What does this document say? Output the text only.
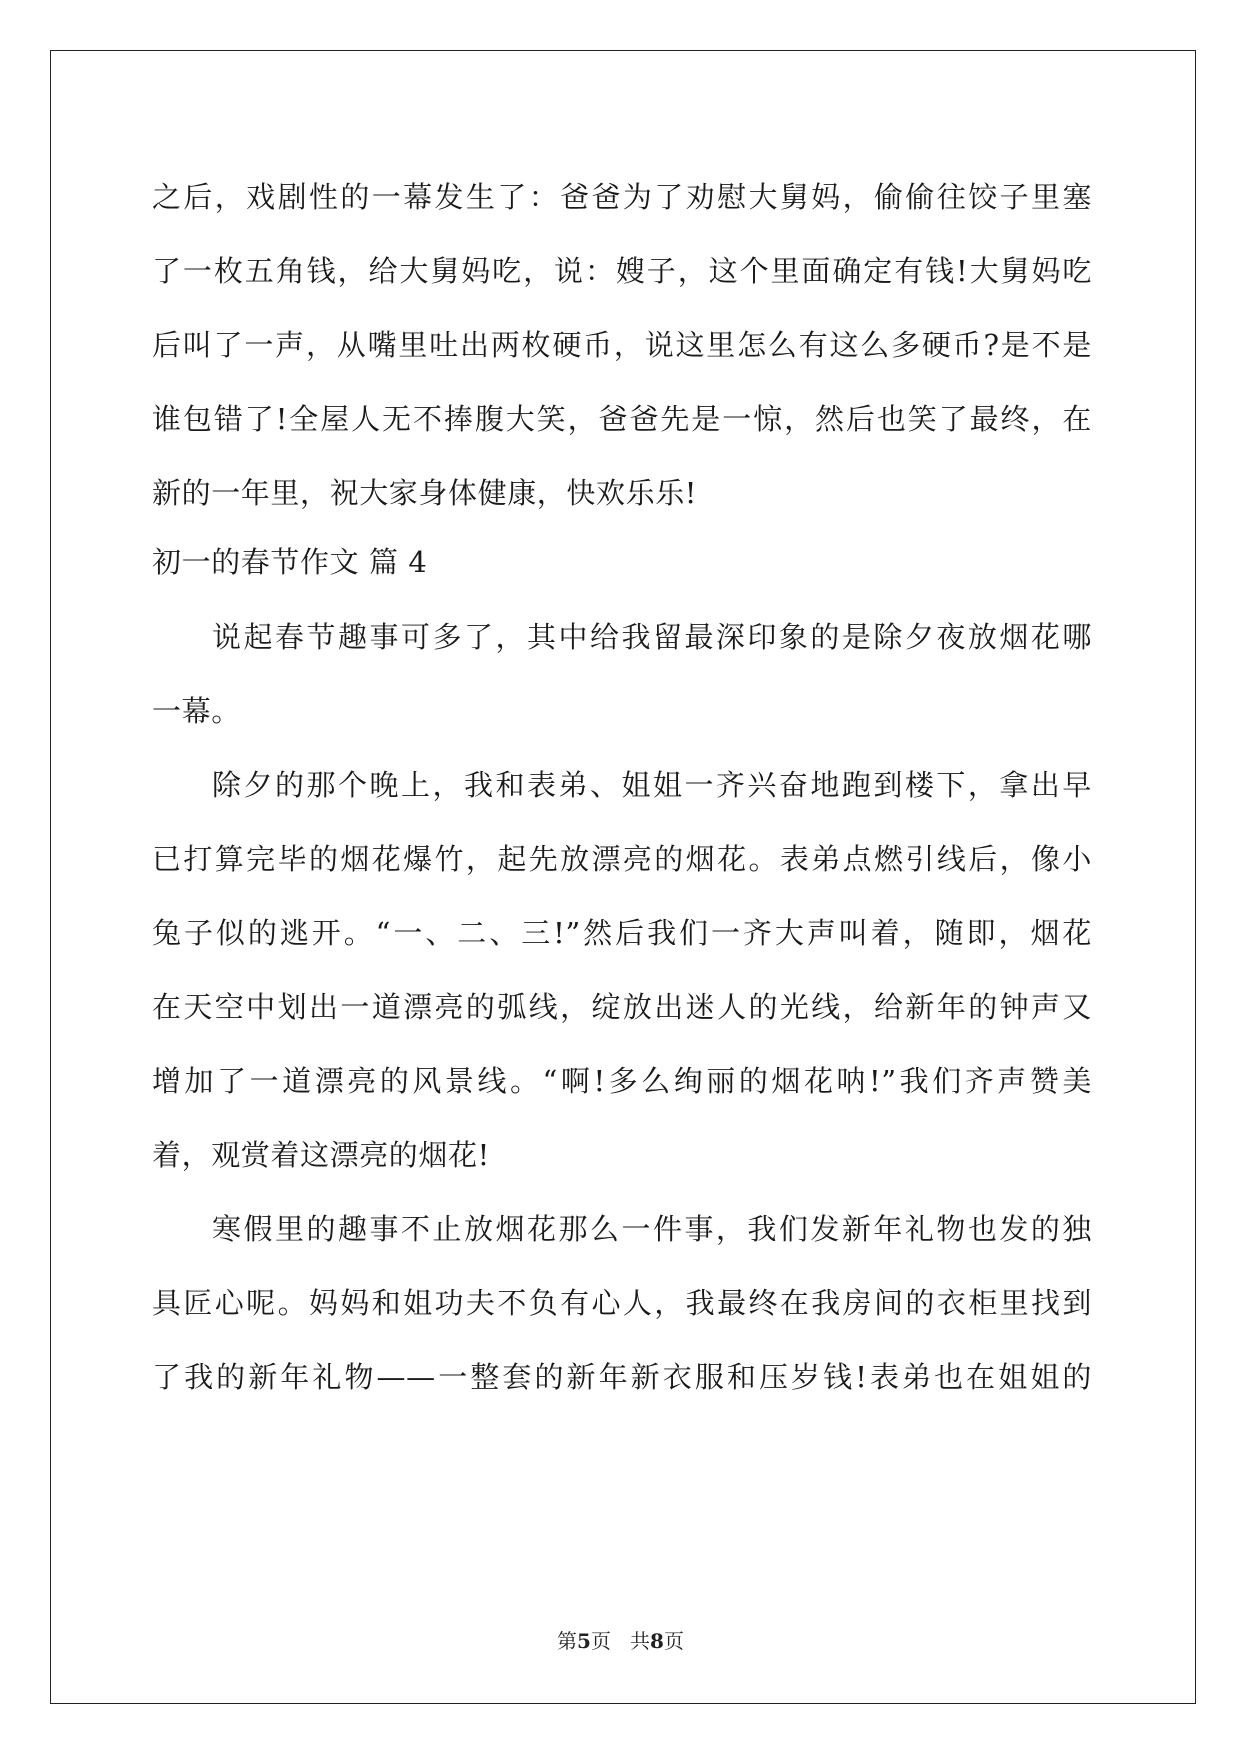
之后，戏剧性的一幕发生了：爸爸为了劝慰大舅妈，偷偷往饺子里塞
了一枚五角钱，给大舅妈吃，说：嫂子，这个里面确定有钱!大舅妈吃
后叫了一声，从嘴里吐出两枚硬币，说这里怎么有这么多硬币?是不是
谁包错了!全屋人无不捧腹大笑，爸爸先是一惊，然后也笑了最终，在
新的一年里，祝大家身体健康，快欢乐乐!
初一的春节作文 篇 4
说起春节趣事可多了，其中给我留最深印象的是除夕夜放烟花哪
一幕。
除夕的那个晚上，我和表弟、姐姐一齐兴奋地跑到楼下，拿出早
已打算完毕的烟花爆竹，起先放漂亮的烟花。表弟点燃引线后，像小
兔子似的逃开。“一、二、三!”然后我们一齐大声叫着，随即，烟花
在天空中划出一道漂亮的弧线，绽放出迷人的光线，给新年的钟声又
增加了一道漂亮的风景线。“啊!多么绚丽的烟花呐!”我们齐声赞美
着，观赏着这漂亮的烟花!
寒假里的趣事不止放烟花那么一件事，我们发新年礼物也发的独
具匠心呢。妈妈和姐功夫不负有心人，我最终在我房间的衣柜里找到
了我的新年礼物——一整套的新年新衣服和压岁钱!表弟也在姐姐的
第5页   共8页
